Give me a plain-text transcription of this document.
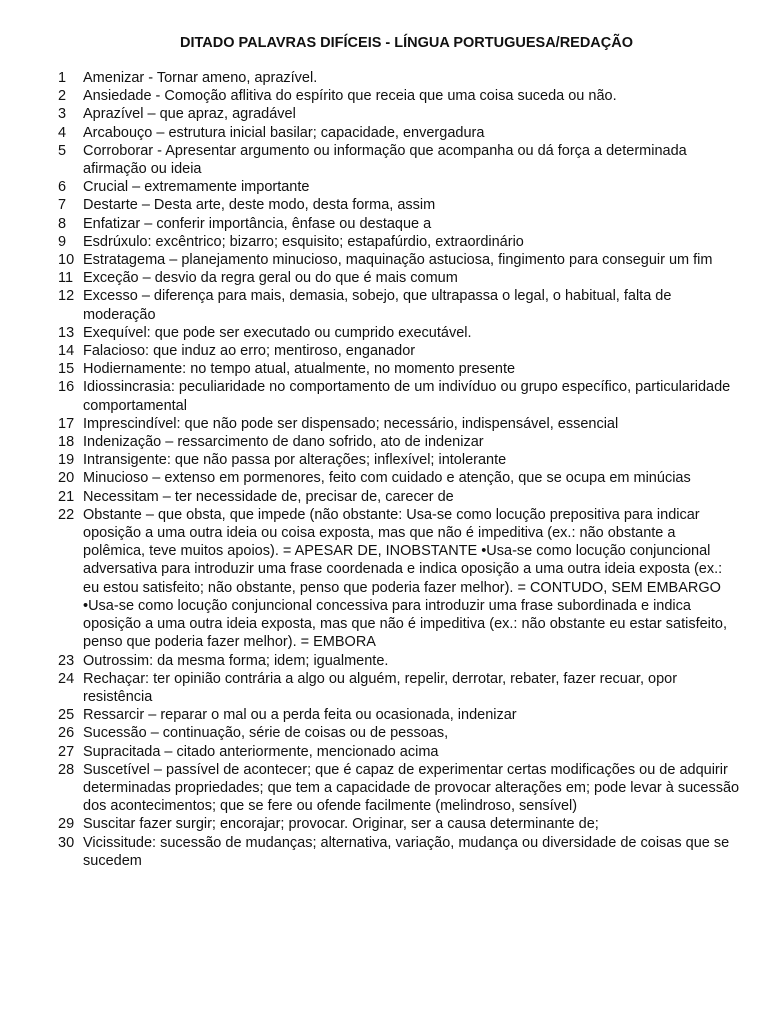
DITADO PALAVRAS DIFÍCEIS - LÍNGUA PORTUGUESA/REDAÇÃO
1	Amenizar - Tornar ameno, aprazível.
2	Ansiedade - Comoção aflitiva do espírito que receia que uma coisa suceda ou não.
3	Aprazível – que apraz, agradável
4	Arcabouço – estrutura inicial basilar; capacidade, envergadura
5	Corroborar - Apresentar argumento ou informação que acompanha ou dá força a determinada afirmação ou ideia
6	Crucial – extremamente importante
7	Destarte – Desta arte, deste modo, desta forma, assim
8	Enfatizar – conferir importância, ênfase ou destaque a
9	Esdrúxulo: excêntrico; bizarro; esquisito; estapafúrdio, extraordinário
10 Estratagema – planejamento minucioso, maquinação astuciosa, fingimento para conseguir um fim
11 Exceção – desvio da regra geral ou do que é mais comum
12 Excesso – diferença para mais, demasia, sobejo, que ultrapassa o legal, o habitual, falta de moderação
13 Exequível: que pode ser executado ou cumprido executável.
14 Falacioso: que induz ao erro; mentiroso, enganador
15 Hodiernamente: no tempo atual, atualmente, no momento presente
16 Idiossincrasia: peculiaridade no comportamento de um indivíduo ou grupo específico, particularidade comportamental
17 Imprescindível: que não pode ser dispensado; necessário, indispensável, essencial
18 Indenização – ressarcimento de dano sofrido, ato de indenizar
19 Intransigente: que não passa por alterações; inflexível; intolerante
20 Minucioso – extenso em pormenores, feito com cuidado e atenção, que se ocupa em minúcias
21 Necessitam – ter necessidade de, precisar de, carecer de
22 Obstante – que obsta, que impede (não obstante: Usa-se como locução prepositiva para indicar oposição a uma outra ideia ou coisa exposta, mas que não é impeditiva (ex.: não obstante a polêmica, teve muitos apoios). = APESAR DE, INOBSTANTE •Usa-se como locução conjuncional adversativa para introduzir uma frase coordenada e indica oposição a uma outra ideia exposta (ex.: eu estou satisfeito; não obstante, penso que poderia fazer melhor). = CONTUDO, SEM EMBARGO •Usa-se como locução conjuncional concessiva para introduzir uma frase subordinada e indica oposição a uma outra ideia exposta, mas que não é impeditiva (ex.: não obstante eu estar satisfeito, penso que poderia fazer melhor). = EMBORA
23 Outrossim: da mesma forma; idem; igualmente.
24 Rechaçar: ter opinião contrária a algo ou alguém, repelir, derrotar, rebater, fazer recuar, opor resistência
25 Ressarcir – reparar o mal ou a perda feita ou ocasionada, indenizar
26 Sucessão – continuação, série de coisas ou de pessoas,
27 Supracitada – citado anteriormente, mencionado acima
28 Suscetível – passível de acontecer; que é capaz de experimentar certas modificações ou de adquirir determinadas propriedades; que tem a capacidade de provocar alterações em; pode levar à sucessão dos acontecimentos; que se fere ou ofende facilmente (melindroso, sensível)
29 Suscitar fazer surgir; encorajar; provocar. Originar, ser a causa determinante de;
30 Vicissitude: sucessão de mudanças; alternativa, variação, mudança ou diversidade de coisas que se sucedem
